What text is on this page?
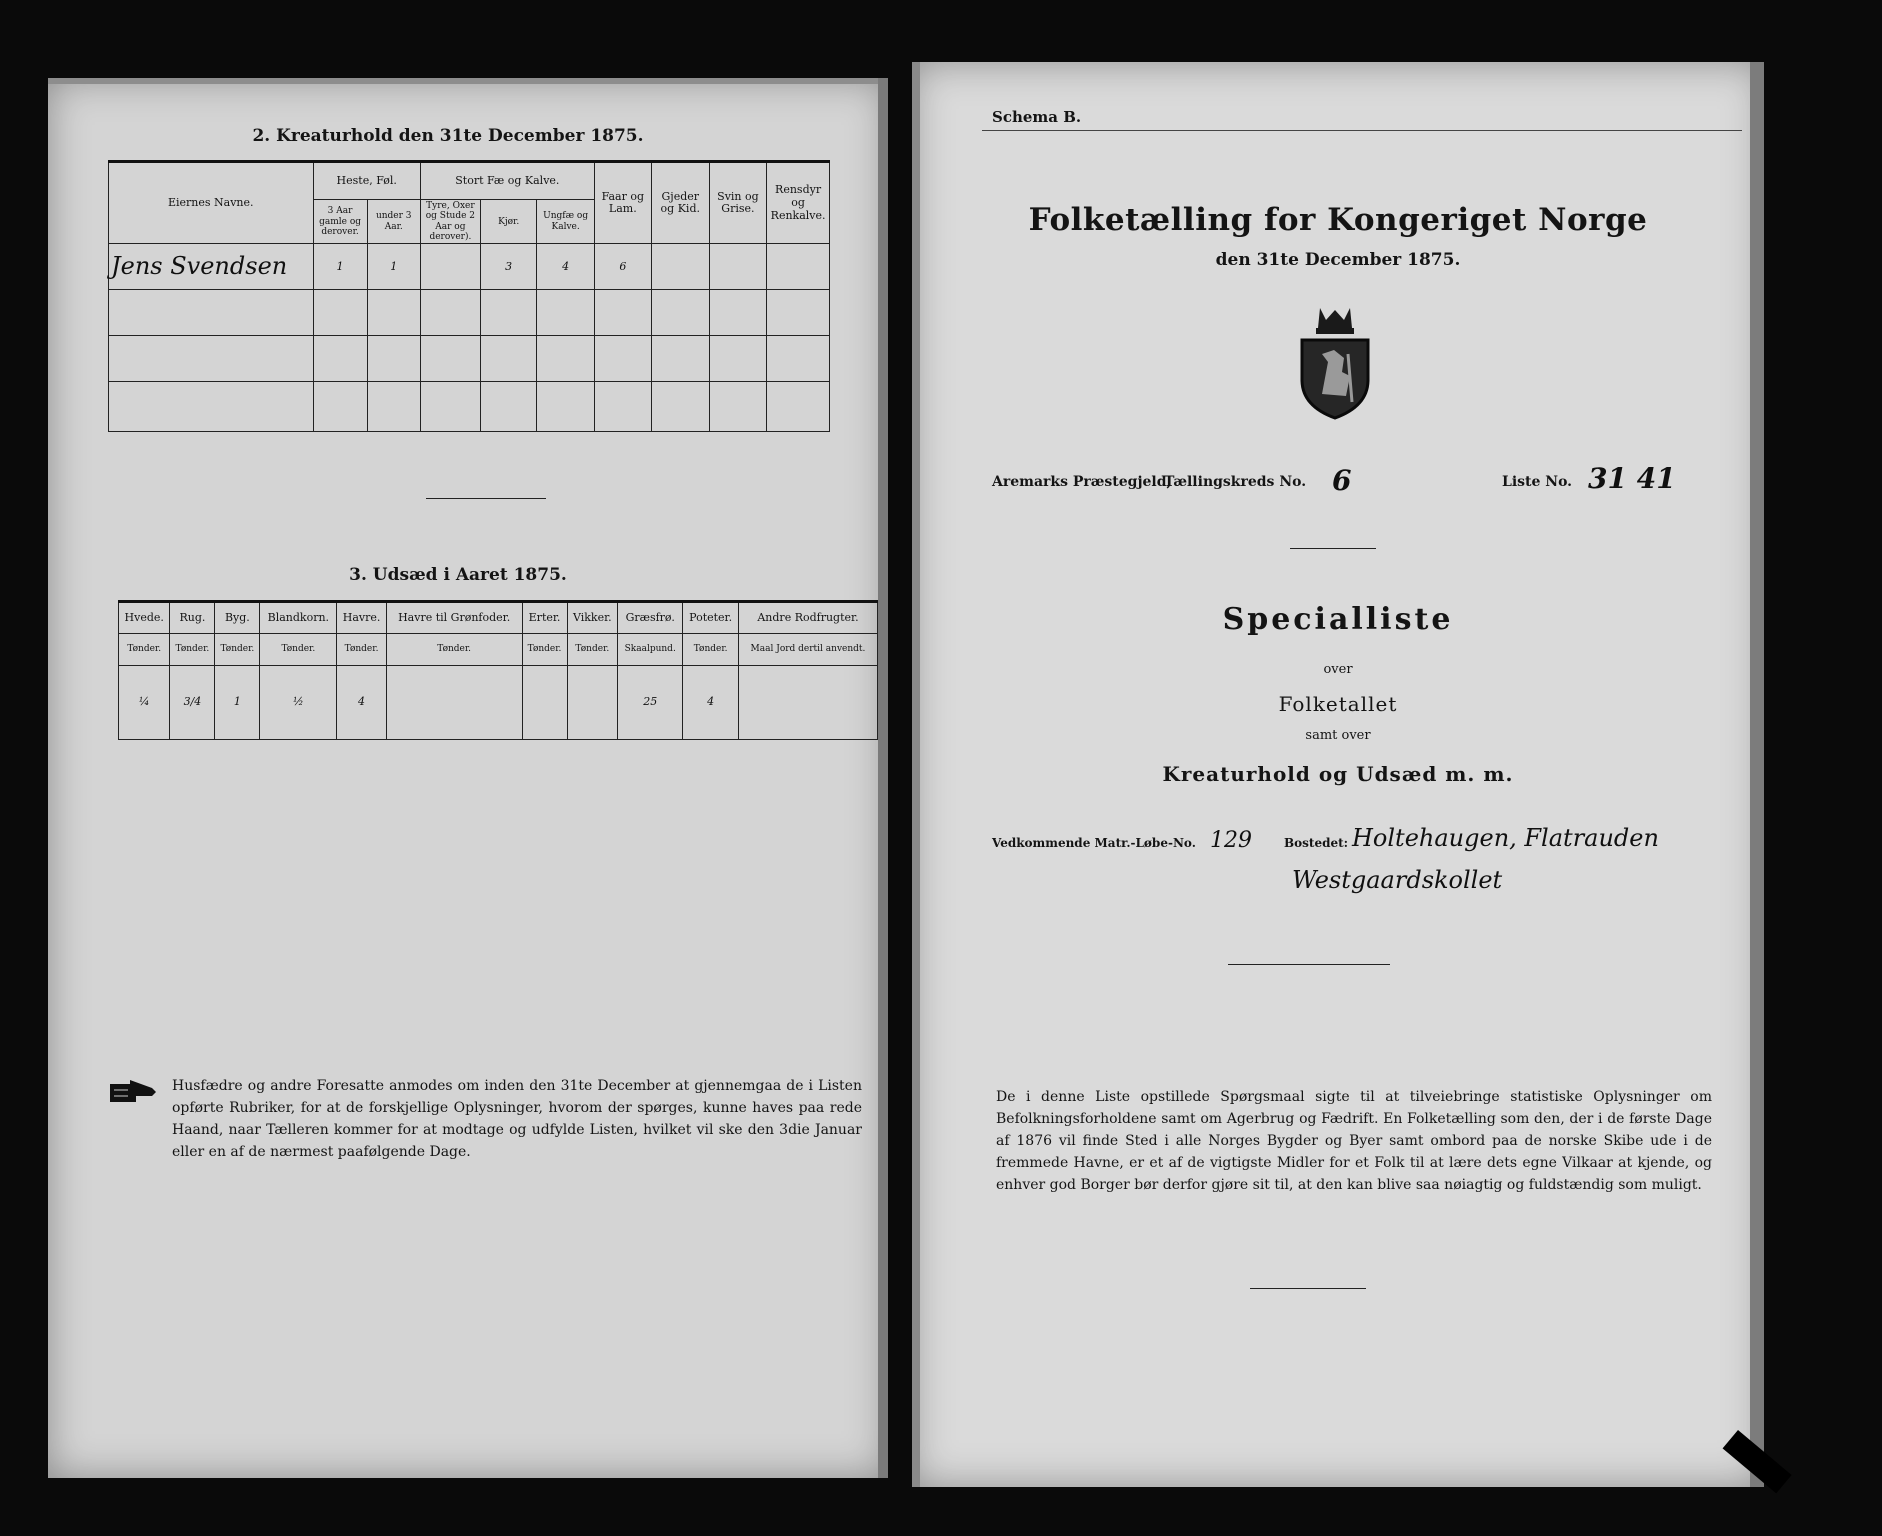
2. Kreaturhold den 31te December 1875.
Eiernes Navne.	Heste, Føl.		Stort Fæ og Kalve.			Faar og Lam.	Gjeder og Kid.	Svin og Grise.	Rensdyr og Renkalve.
	3 Aar gamle og derover.	under 3 Aar.	Tyre, Oxer og Stude 2 Aar og derover).	Kjør.	Ungfæ og Kalve.				
Jens Svendsen	1	1		3	4	6			

3. Udsæd i Aaret 1875.
Hvede.	Rug.	Byg.	Blandkorn.	Havre.	Havre til Grønfoder.	Erter.	Vikker.	Græsfrø.	Poteter.	Andre Rodfrugter.
Tønder.	Tønder.	Tønder.	Tønder.	Tønder.	Tønder.	Tønder.	Tønder.	Skaalpund.	Tønder.	Maal Jord dertil anvendt.
¼	3/4	1	½	4				25	4	
Husfædre og andre Foresatte anmodes om inden den 31te December at gjennemgaa de i Listen opførte Rubriker, for at de forskjellige Oplysninger, hvorom der spørges, kunne haves paa rede Haand, naar Tælleren kommer for at modtage og udfylde Listen, hvilket vil ske den 3die Januar eller en af de nærmest paafølgende Dage.
Schema B.
Folketælling for Kongeriget Norge
den 31te December 1875.
Aremarks Præstegjeld,
Tællingskreds No. 6	Liste No. 31 41
Specialliste
over
Folketallet
samt over
Kreaturhold og Udsæd m. m.
Vedkommende Matr.-Løbe-No. 129	Bostedet: Holtehaugen, Flatrauden
Westgaardskollet
De i denne Liste opstillede Spørgsmaal sigte til at tilveiebringe statistiske Oplysninger om Befolkningsforholdene samt om Agerbrug og Fædrift. En Folketælling som den, der i de første Dage af 1876 vil finde Sted i alle Norges Bygder og Byer samt ombord paa de norske Skibe ude i de fremmede Havne, er et af de vigtigste Midler for et Folk til at lære dets egne Vilkaar at kjende, og enhver god Borger bør derfor gjøre sit til, at den kan blive saa nøiagtig og fuldstændig som muligt.
